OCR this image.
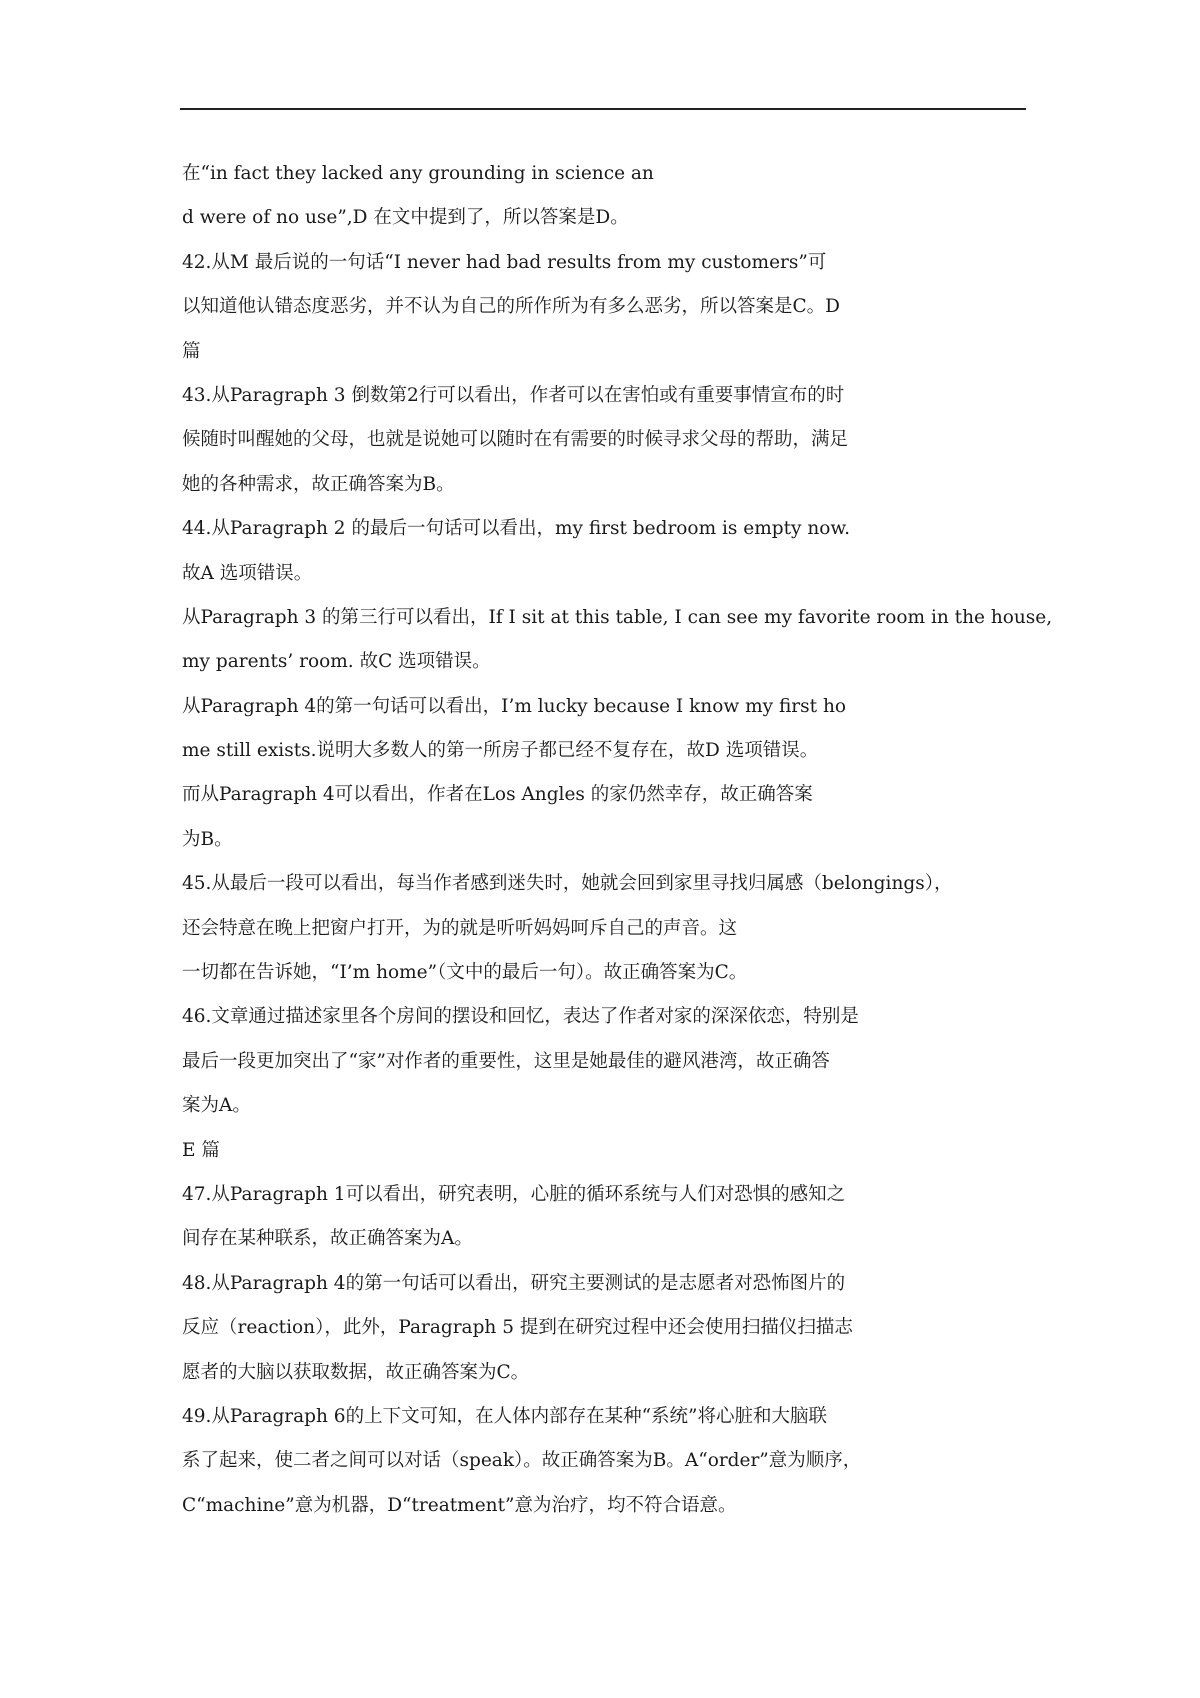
在“in fact they lacked any grounding in science an
d were of no use”,D 在文中提到了，所以答案是D。
42.从M 最后说的一句话“I never had bad results from my customers”可
以知道他认错态度恶劣，并不认为自己的所作所为有多么恶劣，所以答案是C。D
篇
43.从Paragraph 3 倒数第2行可以看出，作者可以在害怕或有重要事情宣布的时
候随时叫醒她的父母，也就是说她可以随时在有需要的时候寻求父母的帮助，满足
她的各种需求，故正确答案为B。
44.从Paragraph 2 的最后一句话可以看出，my first bedroom is empty now.
故A 选项错误。
从Paragraph 3 的第三行可以看出，If I sit at this table, I can see my favorite room in the house,
my parents’ room. 故C 选项错误。
从Paragraph 4的第一句话可以看出，I’m lucky because I know my first ho
me still exists.说明大多数人的第一所房子都已经不复存在，故D 选项错误。
而从Paragraph 4可以看出，作者在Los Angles 的家仍然幸存，故正确答案
为B。
45.从最后一段可以看出，每当作者感到迷失时，她就会回到家里寻找归属感（belongings），
还会特意在晚上把窗户打开，为的就是听听妈妈呵斥自己的声音。这
一切都在告诉她，“I’m home”（文中的最后一句）。故正确答案为C。
46.文章通过描述家里各个房间的摆设和回忆，表达了作者对家的深深依恋，特别是
最后一段更加突出了“家”对作者的重要性，这里是她最佳的避风港湾，故正确答
案为A。
E 篇
47.从Paragraph 1可以看出，研究表明，心脏的循环系统与人们对恐惧的感知之
间存在某种联系，故正确答案为A。
48.从Paragraph 4的第一句话可以看出，研究主要测试的是志愿者对恐怖图片的
反应（reaction），此外，Paragraph 5 提到在研究过程中还会使用扫描仪扫描志
愿者的大脑以获取数据，故正确答案为C。
49.从Paragraph 6的上下文可知，在人体内部存在某种“系统”将心脏和大脑联
系了起来，使二者之间可以对话（speak）。故正确答案为B。A“order”意为顺序，
C“machine”意为机器，D“treatment”意为治疗，均不符合语意。
